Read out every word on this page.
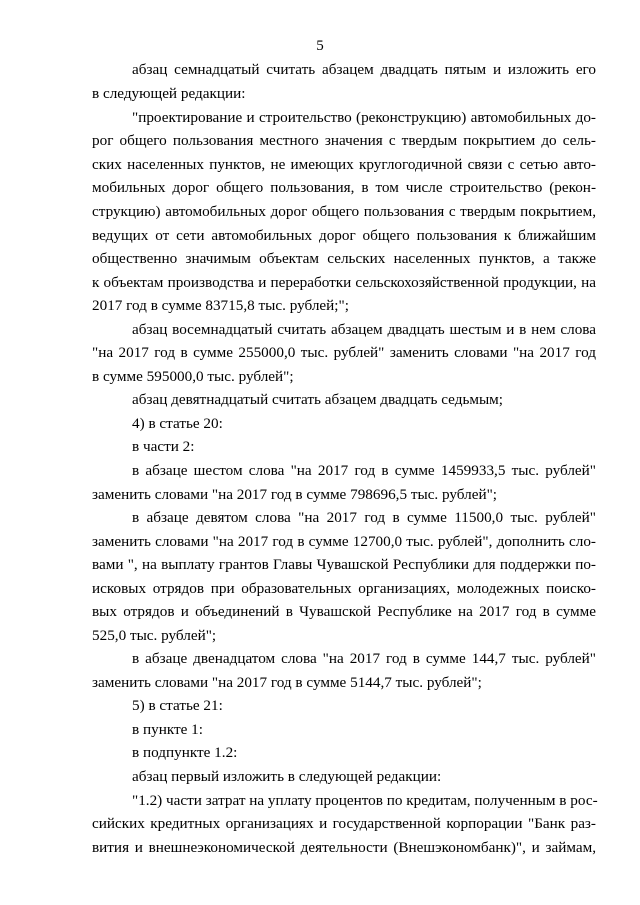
5
абзац семнадцатый считать абзацем двадцать пятым и изложить его
в следующей редакции:
"проектирование и строительство (реконструкцию) автомобильных до-
рог общего пользования местного значения с твердым покрытием до сель-
ских населенных пунктов, не имеющих круглогодичной связи с сетью авто-
мобильных дорог общего пользования, в том числе строительство (рекон-
струкцию) автомобильных дорог общего пользования с твердым покрытием,
ведущих от сети автомобильных дорог общего пользования к ближайшим
общественно значимым объектам сельских населенных пунктов, а также
к объектам производства и переработки сельскохозяйственной продукции, на
2017 год в сумме 83715,8 тыс. рублей;";
абзац восемнадцатый считать абзацем двадцать шестым и в нем слова
"на 2017 год в сумме 255000,0 тыс. рублей" заменить словами "на 2017 год
в сумме 595000,0 тыс. рублей";
абзац девятнадцатый считать абзацем двадцать седьмым;
4) в статье 20:
в части 2:
в абзаце шестом слова "на 2017 год в сумме 1459933,5 тыс. рублей"
заменить словами "на 2017 год в сумме 798696,5 тыс. рублей";
в абзаце девятом слова "на 2017 год в сумме 11500,0 тыс. рублей"
заменить словами "на 2017 год в сумме 12700,0 тыс. рублей", дополнить сло-
вами ", на выплату грантов Главы Чувашской Республики для поддержки по-
исковых отрядов при образовательных организациях, молодежных поиско-
вых отрядов и объединений в Чувашской Республике на 2017 год в сумме
525,0 тыс. рублей";
в абзаце двенадцатом слова "на 2017 год в сумме 144,7 тыс. рублей"
заменить словами "на 2017 год в сумме 5144,7 тыс. рублей";
5) в статье 21:
в пункте 1:
в подпункте 1.2:
абзац первый изложить в следующей редакции:
"1.2) части затрат на уплату процентов по кредитам, полученным в рос-
сийских кредитных организациях и государственной корпорации "Банк раз-
вития и внешнеэкономической деятельности (Внешэкономбанк)", и займам,
